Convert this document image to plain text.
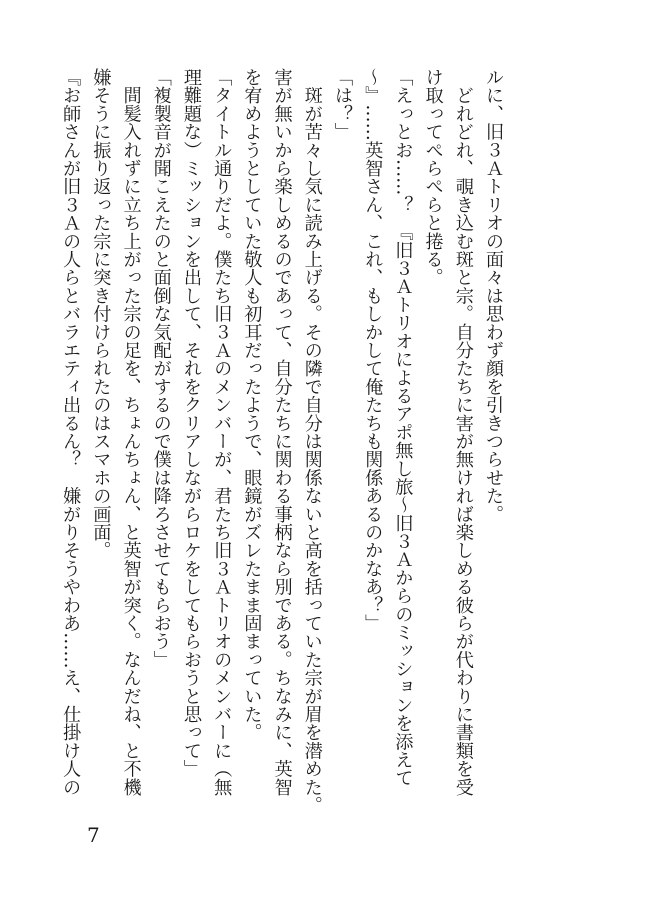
ルに、旧３Ａトリオの面々は思わず顔を引きつらせた。
　どれどれ、覗き込む斑と宗。自分たちに害が無ければ楽しめる彼らが代わりに書類を受
け取ってぺらぺらと捲る。
「えっとお……？　『旧３Ａトリオによるアポ無し旅〜旧３Ａからのミッションを添えて
〜』……英智さん、これ、もしかして俺たちも関係あるのかなあ？」
「は？」
　斑が苦々し気に読み上げる。その隣で自分は関係ないと高を括っていた宗が眉を潜めた。
害が無いから楽しめるのであって、自分たちに関わる事柄なら別である。ちなみに、英智
を宥めようとしていた敬人も初耳だったようで、眼鏡がズレたまま固まっていた。
「タイトル通りだよ。僕たち旧３Ａのメンバーが、君たち旧３Ａトリオのメンバーに（無
理難題な）ミッションを出して、それをクリアしながらロケをしてもらおうと思って」
「複製音が聞こえたのと面倒な気配がするので僕は降ろさせてもらおう」
　間髪入れずに立ち上がった宗の足を、ちょんちょん、と英智が突く。なんだね、と不機
嫌そうに振り返った宗に突き付けられたのはスマホの画面。
『お師さんが旧３Ａの人らとバラエティ出るん？　嫌がりそうやわあ……え、仕掛け人の
7
